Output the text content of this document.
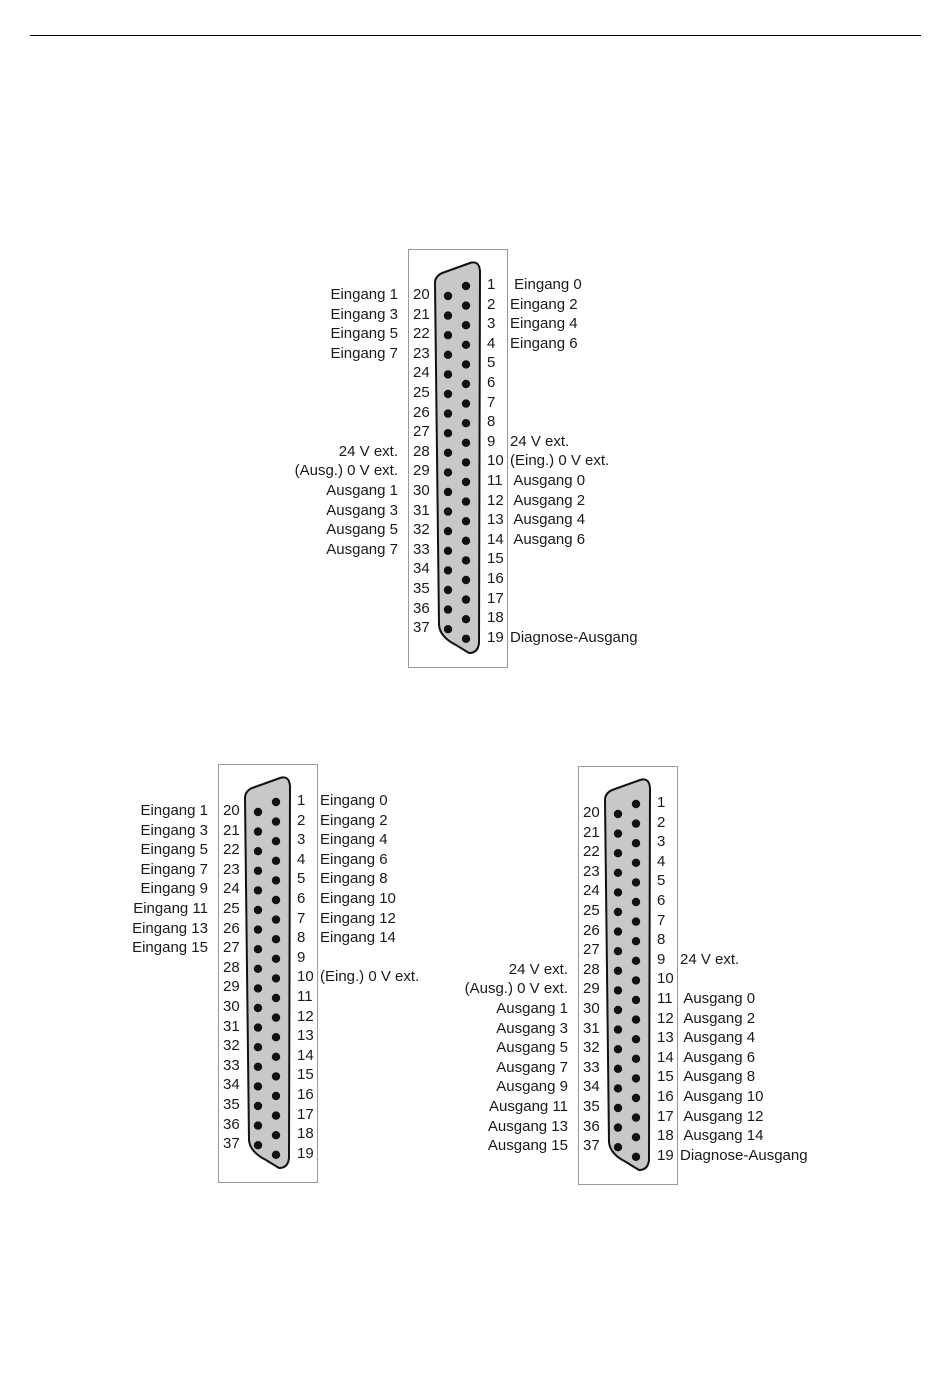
1 Eingang 0
2 Eingang 2
3 Eingang 4
4 Eingang 6
5
6
7
8
9 24 V ext.
10 (Eing.) 0 V ext.
11 Ausgang 0
12 Ausgang 2
13 Ausgang 4
14 Ausgang 6
15
16
17
18
19 Diagnose-Ausgang
20
Eingang 1
21
Eingang 3
22
Eingang 5
23
Eingang 7
24
25
26
27
28
24 V ext.
29
(Ausg.) 0 V ext.
30
Ausgang 1
31
Ausgang 3
32
Ausgang 5
33
Ausgang 7
34
35
36
37
1 Eingang 0
2 Eingang 2
3 Eingang 4
4 Eingang 6
5 Eingang 8
6 Eingang 10
7 Eingang 12
8 Eingang 14
9
10 (Eing.) 0 V ext.
11
12
13
14
15
16
17
18
19
20
Eingang 1
21
Eingang 3
22
Eingang 5
23
Eingang 7
24
Eingang 9
25
Eingang 11
26
Eingang 13
27
Eingang 15
28
29
30
31
32
33
34
35
36
37
1
2
3
4
5
6
7
8
9 24 V ext.
10
11 Ausgang 0
12 Ausgang 2
13 Ausgang 4
14 Ausgang 6
15 Ausgang 8
16 Ausgang 10
17 Ausgang 12
18 Ausgang 14
19 Diagnose-Ausgang
20
21
22
23
24
25
26
27
28
24 V ext.
29
(Ausg.) 0 V ext.
30
Ausgang 1
31
Ausgang 3
32
Ausgang 5
33
Ausgang 7
34
Ausgang 9
35
Ausgang 11
36
Ausgang 13
37
Ausgang 15
